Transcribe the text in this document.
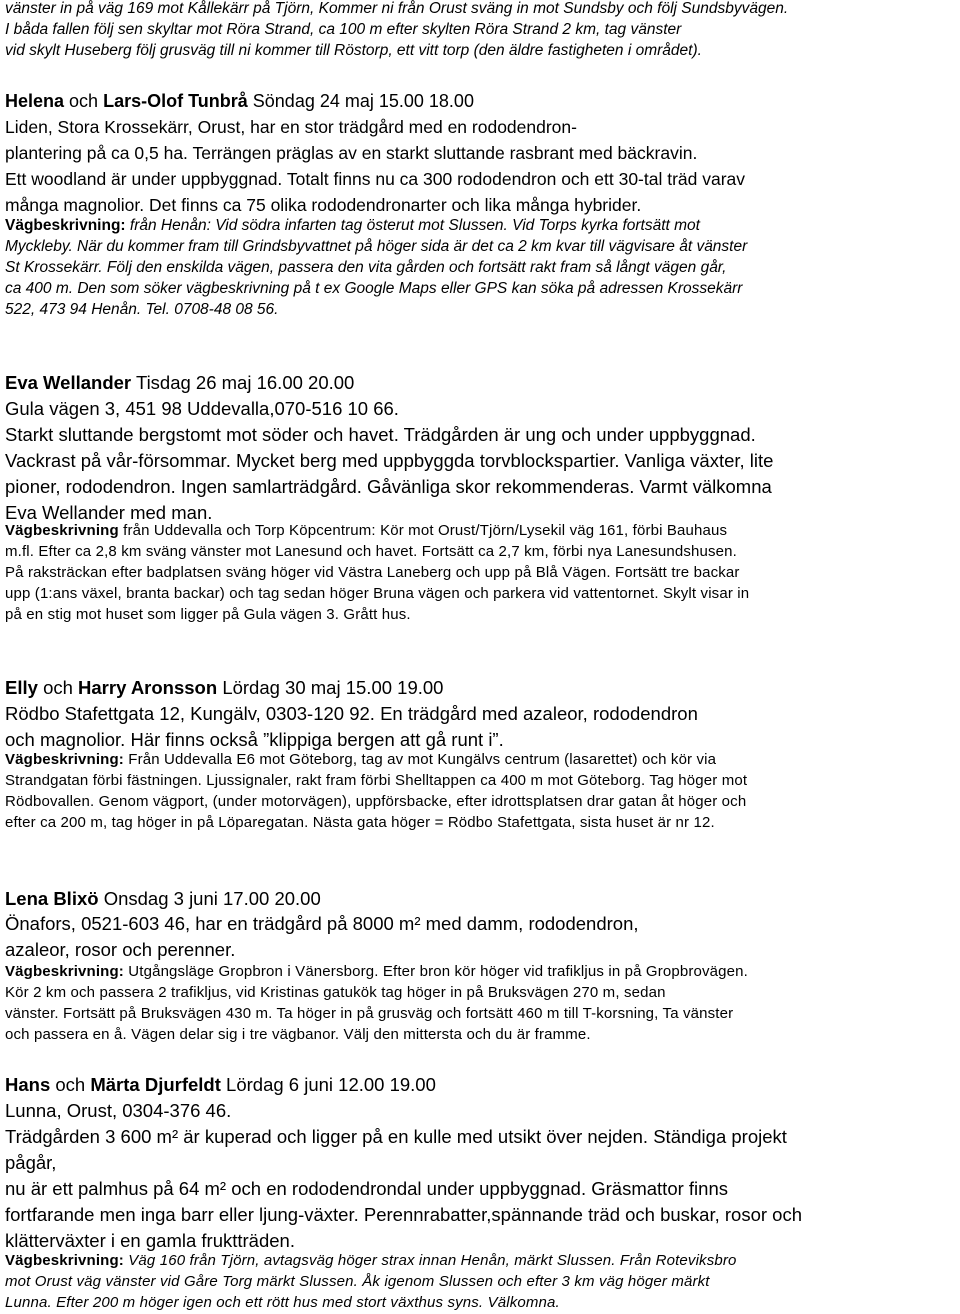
vänster in på väg 169 mot Kållekärr på Tjörn, Kommer ni från Orust sväng in mot Sundsby och följ Sundsbyvägen.
I båda fallen följ sen skyltar mot Röra Strand, ca 100 m efter skylten Röra Strand 2 km, tag vänster
vid skylt Huseberg följ grusväg till ni kommer till Röstorp, ett vitt torp (den äldre fastigheten i området).
Helena och Lars-Olof Tunbrå Söndag 24 maj 15.00 18.00
Liden, Stora Krossekärr, Orust, har en stor trädgård med en rododendron-
plantering på ca 0,5 ha. Terrängen präglas av en starkt sluttande rasbrant med bäckravin.
Ett woodland är under uppbyggnad. Totalt finns nu ca 300 rododendron och ett 30-tal träd varav
många magnolior. Det finns ca 75 olika rododendronarter och lika många hybrider.
Vägbeskrivning: från Henån: Vid södra infarten tag österut mot Slussen. Vid Torps kyrka fortsätt mot
Myckleby. När du kommer fram till Grindsbyvattnet på höger sida är det ca 2 km kvar till vägvisare åt vänster
St Krossekärr. Följ den enskilda vägen, passera den vita gården och fortsätt rakt fram så långt vägen går,
ca 400 m. Den som söker vägbeskrivning på t ex Google Maps eller GPS kan söka på adressen Krossekärr
522, 473 94 Henån. Tel. 0708-48 08 56.
Eva Wellander Tisdag 26 maj 16.00 20.00
Gula vägen 3, 451 98 Uddevalla,070-516 10 66.
Starkt sluttande bergstomt mot söder och havet. Trädgården är ung och under uppbyggnad.
Vackrast på vår-försommar. Mycket berg med uppbyggda torvblockspartier. Vanliga växter, lite
pioner, rododendron. Ingen samlarträdgård. Gåvänliga skor rekommenderas. Varmt välkomna
Eva Wellander med man.
Vägbeskrivning från Uddevalla och Torp Köpcentrum: Kör mot Orust/Tjörn/Lysekil väg 161, förbi Bauhaus
m.fl. Efter ca 2,8 km sväng vänster mot Lanesund och havet. Fortsätt ca 2,7 km, förbi nya Lanesundshusen.
På raksträckan efter badplatsen sväng höger vid Västra Laneberg och upp på Blå Vägen. Fortsätt tre backar
upp (1:ans växel, branta backar) och tag sedan höger Bruna vägen och parkera vid vattentornet. Skylt visar in
på en stig mot huset som ligger på Gula vägen 3. Grått hus.
Elly och Harry Aronsson Lördag 30 maj 15.00 19.00
Rödbo Stafettgata 12, Kungälv, 0303-120 92. En trädgård med azaleor, rododendron
och magnolior. Här finns också ”klippiga bergen att gå runt i”.
Vägbeskrivning: Från Uddevalla E6 mot Göteborg, tag av mot Kungälvs centrum (lasarettet) och kör via
Strandgatan förbi fästningen. Ljussignaler, rakt fram förbi Shelltappen ca 400 m mot Göteborg. Tag höger mot
Rödbovallen. Genom vägport, (under motorvägen), uppförsbacke, efter idrottsplatsen drar gatan åt höger och
efter ca 200 m, tag höger in på Löparegatan. Nästa gata höger = Rödbo Stafettgata, sista huset är nr 12.
Lena Blixö Onsdag 3 juni 17.00 20.00
Önafors, 0521-603 46, har en trädgård på 8000 m² med damm, rododendron,
azaleor, rosor och perenner.
Vägbeskrivning: Utgångsläge Gropbron i Vänersborg. Efter bron kör höger vid trafikljus in på Gropbrovägen.
Kör 2 km och passera 2 trafikljus, vid Kristinas gatukök tag höger in på Bruksvägen 270 m, sedan
vänster. Fortsätt på Bruksvägen 430 m. Ta höger in på grusväg och fortsätt 460 m till T-korsning, Ta vänster
och passera en å. Vägen delar sig i tre vägbanor. Välj den mittersta och du är framme.
Hans och Märta Djurfeldt Lördag 6 juni 12.00 19.00
Lunna, Orust, 0304-376 46.
Trädgården 3 600 m² är kuperad och ligger på en kulle med utsikt över nejden. Ständiga projekt
pågår,
nu är ett palmhus på 64 m² och en rododendrondal under uppbyggnad. Gräsmattor finns
fortfarande men inga barr eller ljung-växter. Perennrabatter,spännande träd och buskar, rosor och
klätterväxter i en gamla fruktträden.
Vägbeskrivning: Väg 160 från Tjörn, avtagsväg höger strax innan Henån, märkt Slussen. Från Roteviksbro
mot Orust väg vänster vid Gåre Torg märkt Slussen. Åk igenom Slussen och efter 3 km väg höger märkt
Lunna. Efter 200 m höger igen och ett rött hus med stort växthus syns. Välkomna.
